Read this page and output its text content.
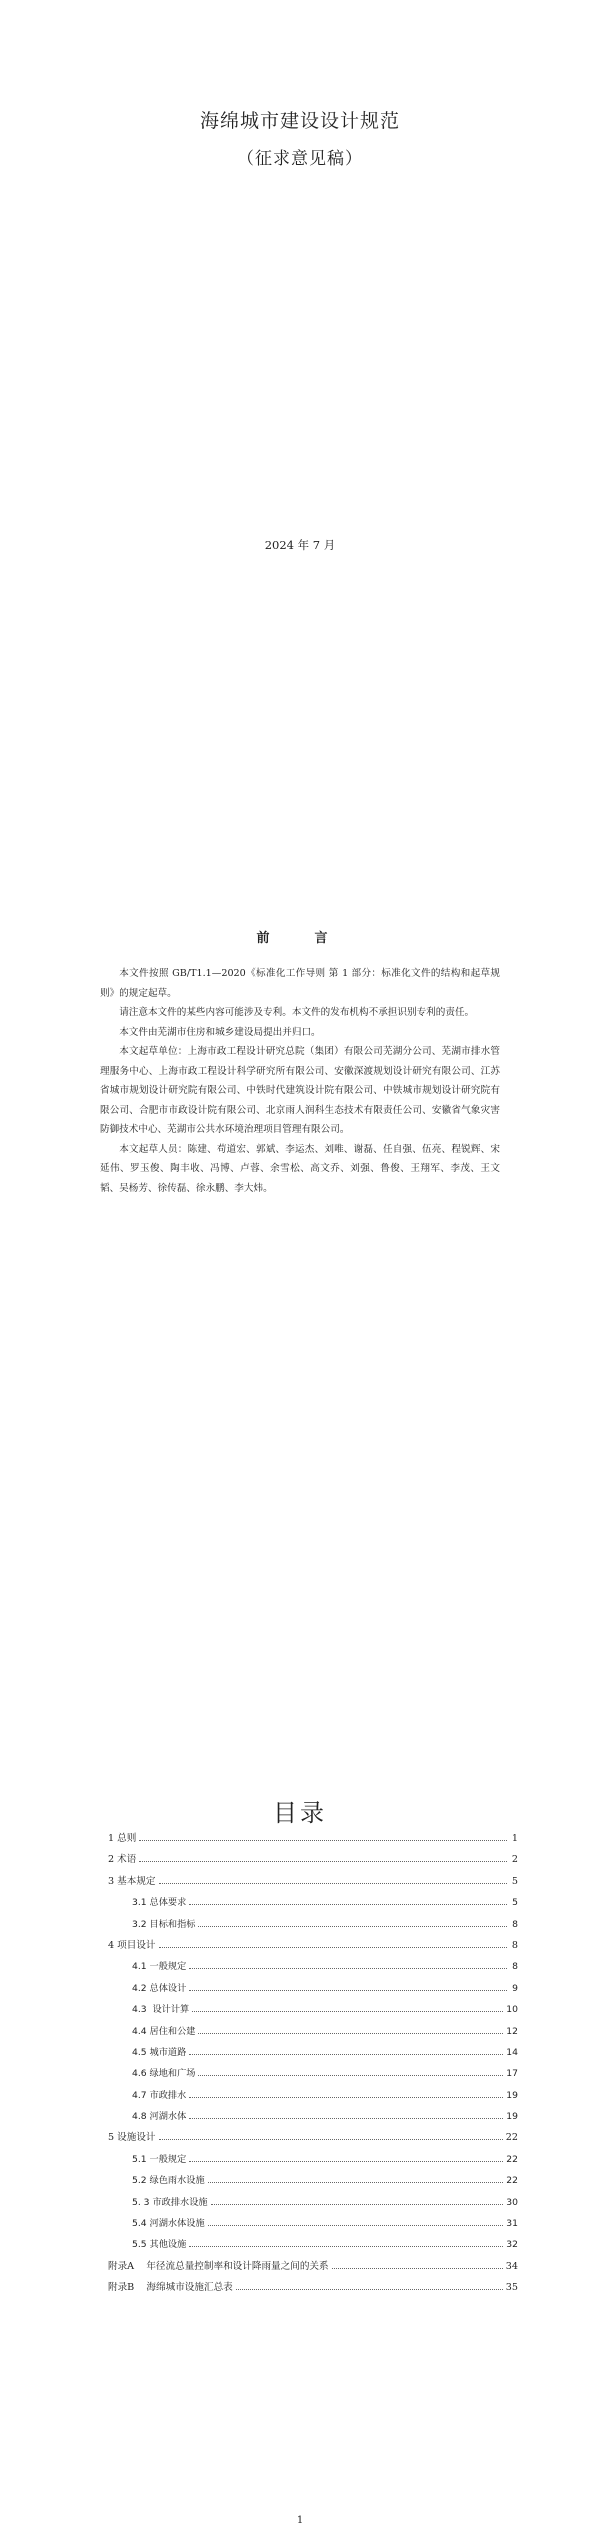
海绵城市建设设计规范
（征求意见稿）
2024 年 7 月
前　言

本文件按照 GB/T1.1—2020《标准化工作导则 第 1 部分：标准化文件的结构和起草规则》的规定起草。

请注意本文件的某些内容可能涉及专利。本文件的发布机构不承担识别专利的责任。

本文件由芜湖市住房和城乡建设局提出并归口。

本文起草单位：上海市政工程设计研究总院（集团）有限公司芜湖分公司、芜湖市排水管理服务中心、上海市政工程设计科学研究所有限公司、安徽深渡规划设计研究有限公司、江苏省城市规划设计研究院有限公司、中铁时代建筑设计院有限公司、中铁城市规划设计研究院有限公司、合肥市市政设计院有限公司、北京雨人润科生态技术有限责任公司、安徽省气象灾害防御技术中心、芜湖市公共水环境治理项目管理有限公司。

本文起草人员：陈建、苟道宏、郭斌、李运杰、刘唯、谢磊、任自强、伍亮、程锐辉、宋延伟、罗玉俊、陶丰收、冯博、卢蓉、余雪松、高文乔、刘强、鲁俊、王翔军、李茂、王文韬、吴杨芳、徐传磊、徐永鹏、李大炜。

目录
1 总则	1
2 术语	2
3 基本规定	5
3.1 总体要求	5
3.2 目标和指标	8
4 项目设计	8
4.1 一般规定	8
4.2 总体设计	9
4.3  设计计算	10
4.4 居住和公建	12
4.5 城市道路	14
4.6 绿地和广场	17
4.7 市政排水	19
4.8 河湖水体	19
5 设施设计	22
5.1 一般规定	22
5.2 绿色雨水设施	22
5. 3 市政排水设施	30
5.4 河湖水体设施	31
5.5 其他设施	32
附录A    年径流总量控制率和设计降雨量之间的关系	34
附录B    海绵城市设施汇总表	35
1
